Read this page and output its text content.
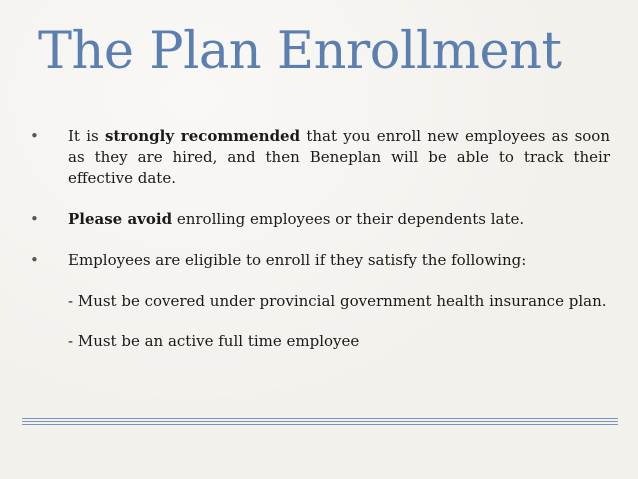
The Plan Enrollment
• It is strongly recommended that you enroll new employees as soon as they are hired, and then Beneplan will be able to track their effective date.
• Please avoid enrolling employees or their dependents late.
• Employees are eligible to enroll if they satisfy the following:
- Must be covered under provincial government health insurance plan.
- Must be an active full time employee
